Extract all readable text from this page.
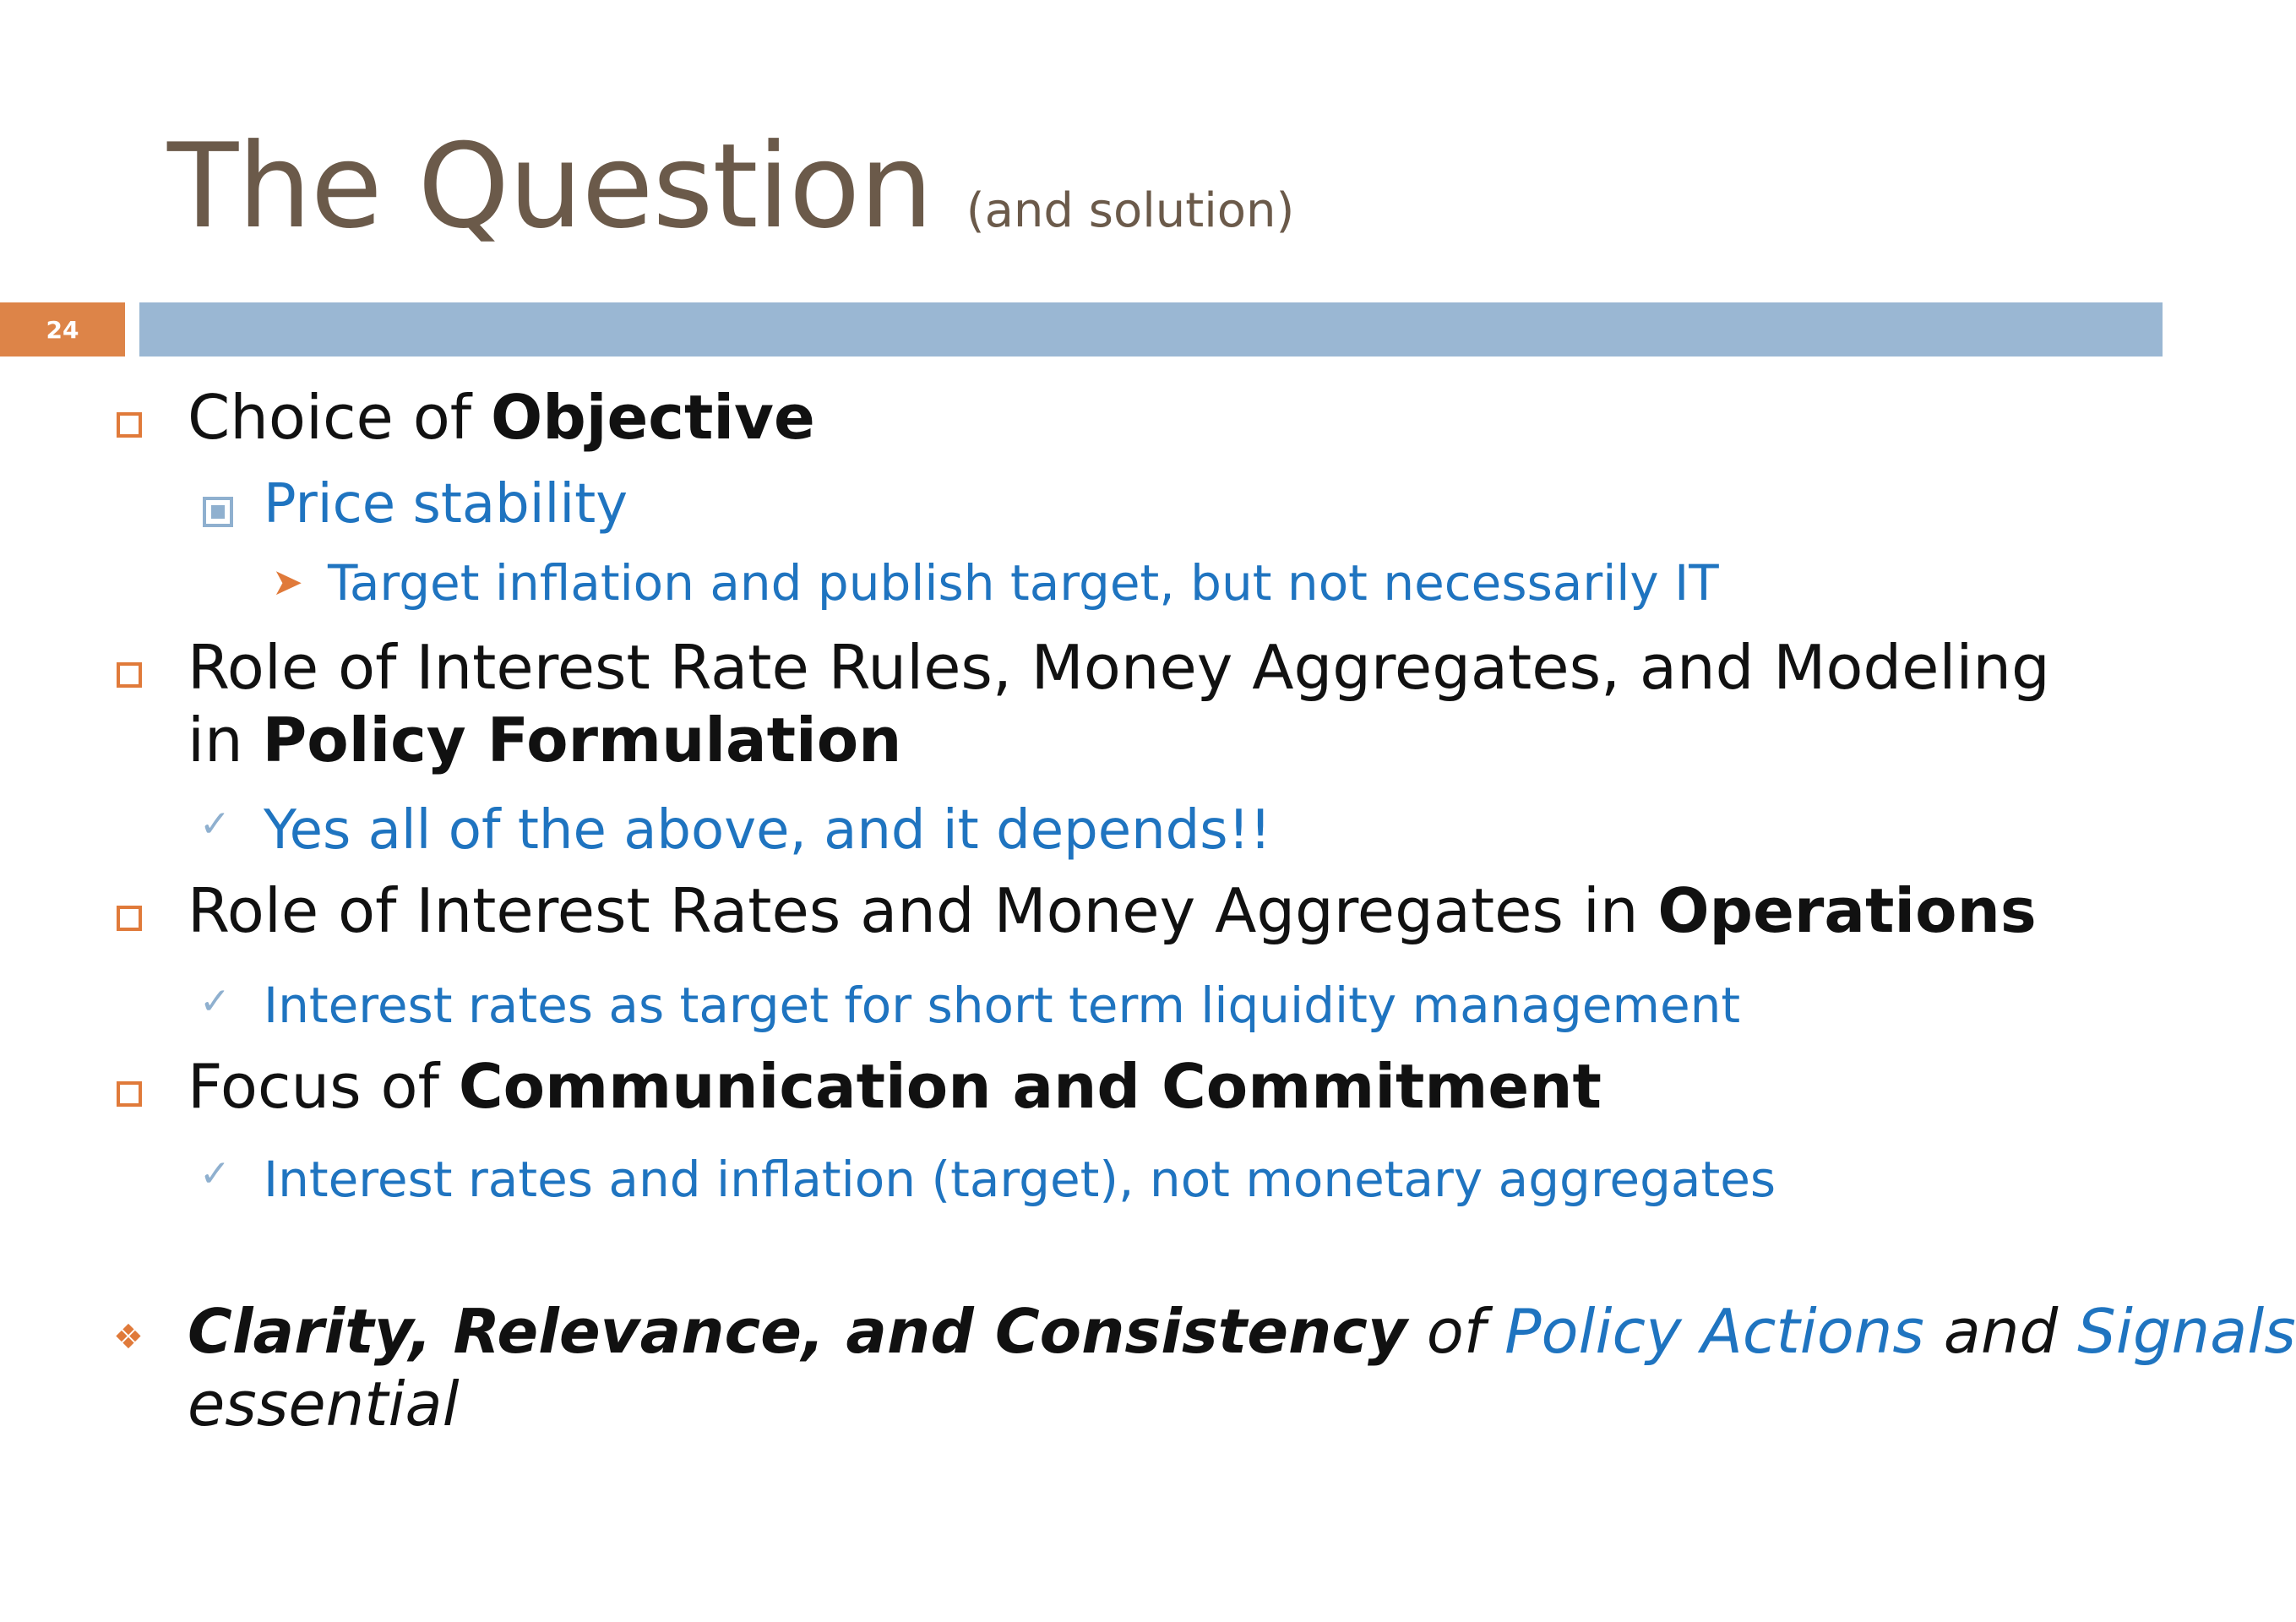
The Question (and solution)
24
Choice of Objective
Price stability
➤ Target inflation and publish target, but not necessarily IT
Role of Interest Rate Rules, Money Aggregates, and Modeling
in Policy Formulation
✓ Yes all of the above, and it depends!!
Role of Interest Rates and Money Aggregates in Operations
✓ Interest rates as target for short term liquidity management
Focus of Communication and Commitment
✓ Interest rates and inflation (target), not monetary aggregates
❖ Clarity, Relevance, and Consistency of Policy Actions and Signals
essential
